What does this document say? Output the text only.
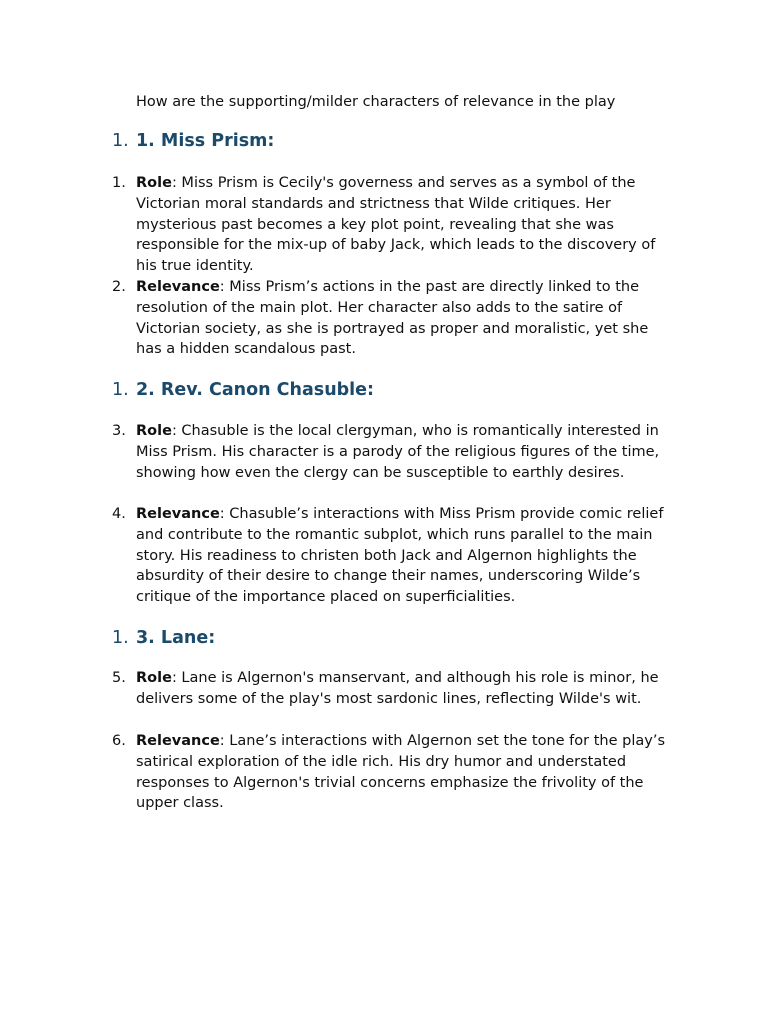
How are the supporting/milder characters of relevance in the play
1. 1. Miss Prism:
1. Role: Miss Prism is Cecily's governess and serves as a symbol of the Victorian moral standards and strictness that Wilde critiques. Her mysterious past becomes a key plot point, revealing that she was responsible for the mix-up of baby Jack, which leads to the discovery of his true identity.
2. Relevance: Miss Prism’s actions in the past are directly linked to the resolution of the main plot. Her character also adds to the satire of Victorian society, as she is portrayed as proper and moralistic, yet she has a hidden scandalous past.
1. 2. Rev. Canon Chasuble:
3. Role: Chasuble is the local clergyman, who is romantically interested in Miss Prism. His character is a parody of the religious figures of the time, showing how even the clergy can be susceptible to earthly desires.
4. Relevance: Chasuble’s interactions with Miss Prism provide comic relief and contribute to the romantic subplot, which runs parallel to the main story. His readiness to christen both Jack and Algernon highlights the absurdity of their desire to change their names, underscoring Wilde’s critique of the importance placed on superficialities.
1. 3. Lane:
5. Role: Lane is Algernon's manservant, and although his role is minor, he delivers some of the play's most sardonic lines, reflecting Wilde's wit.
6. Relevance: Lane’s interactions with Algernon set the tone for the play’s satirical exploration of the idle rich. His dry humor and understated responses to Algernon's trivial concerns emphasize the frivolity of the upper class.
